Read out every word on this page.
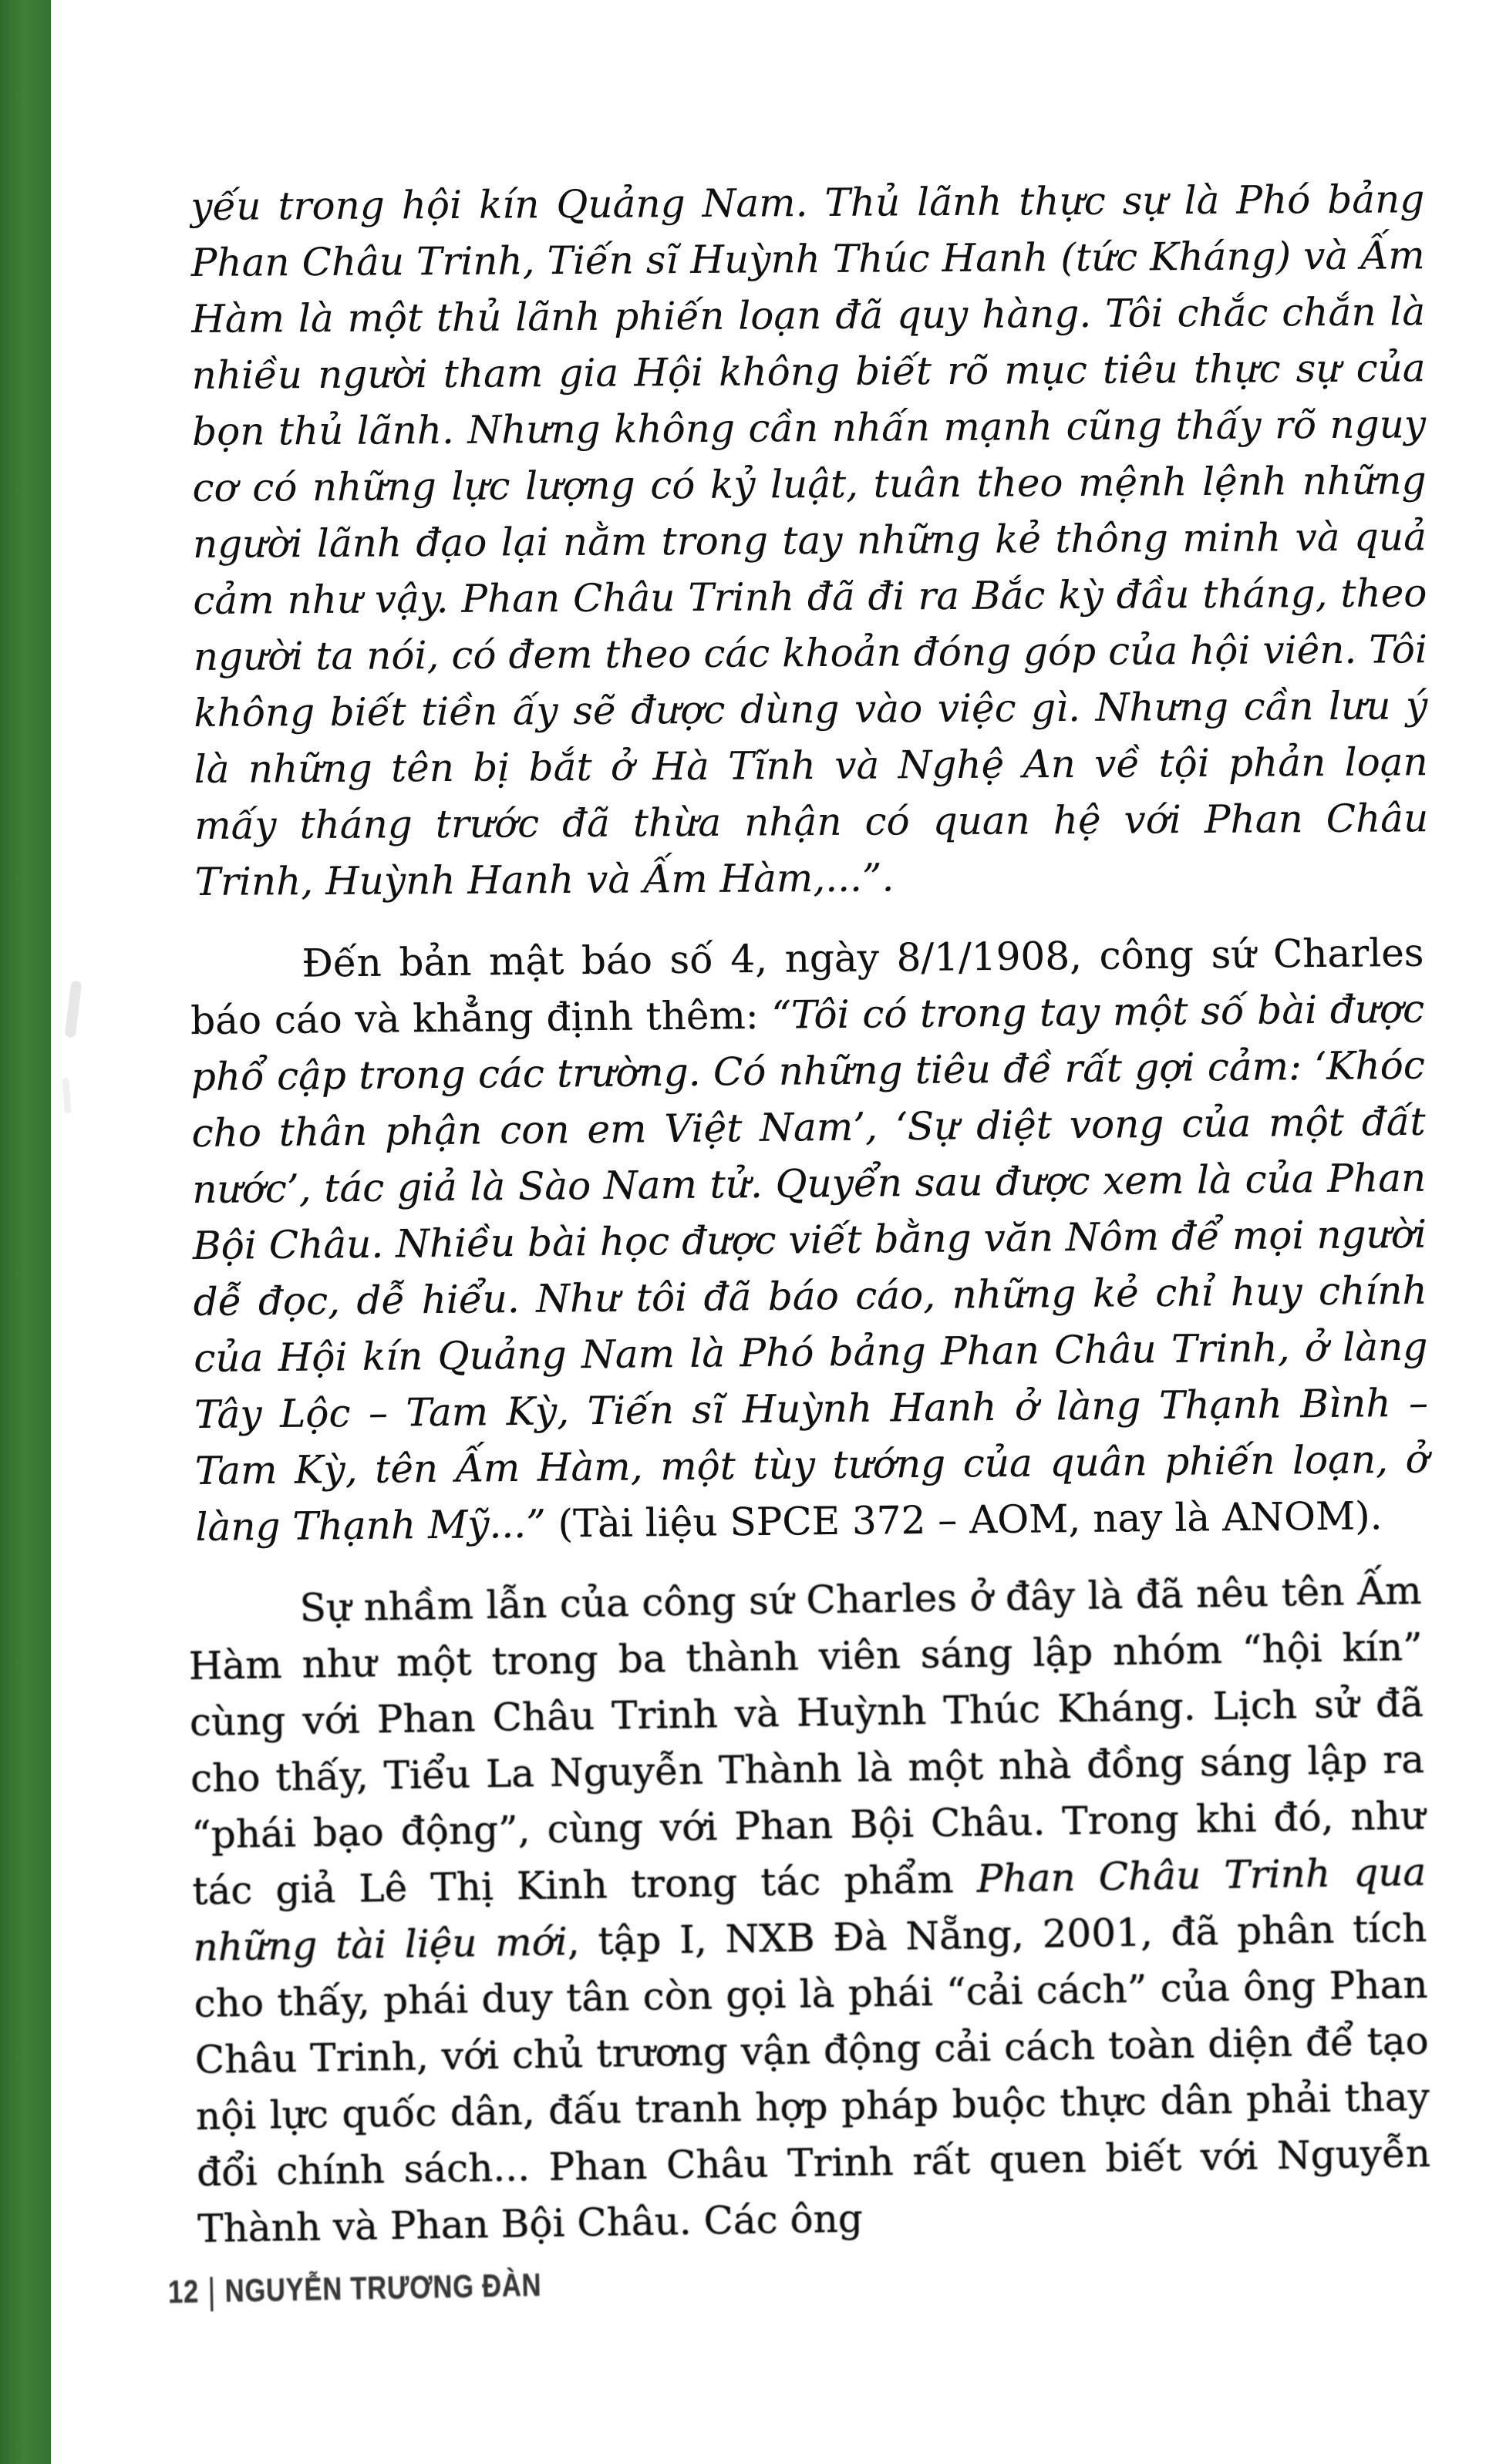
yếu trong hội kín Quảng Nam. Thủ lãnh thực sự là Phó bảng Phan Châu Trinh, Tiến sĩ Huỳnh Thúc Hanh (tức Kháng) và Ấm Hàm là một thủ lãnh phiến loạn đã quy hàng. Tôi chắc chắn là nhiều người tham gia Hội không biết rõ mục tiêu thực sự của bọn thủ lãnh. Nhưng không cần nhấn mạnh cũng thấy rõ nguy cơ có những lực lượng có kỷ luật, tuân theo mệnh lệnh những người lãnh đạo lại nằm trong tay những kẻ thông minh và quả cảm như vậy. Phan Châu Trinh đã đi ra Bắc kỳ đầu tháng, theo người ta nói, có đem theo các khoản đóng góp của hội viên. Tôi không biết tiền ấy sẽ được dùng vào việc gì. Nhưng cần lưu ý là những tên bị bắt ở Hà Tĩnh và Nghệ An về tội phản loạn mấy tháng trước đã thừa nhận có quan hệ với Phan Châu Trinh, Huỳnh Hanh và Ấm Hàm,...”.

Đến bản mật báo số 4, ngày 8/1/1908, công sứ Charles báo cáo và khẳng định thêm: “Tôi có trong tay một số bài được phổ cập trong các trường. Có những tiêu đề rất gợi cảm: ‘Khóc cho thân phận con em Việt Nam’, ‘Sự diệt vong của một đất nước’, tác giả là Sào Nam tử. Quyển sau được xem là của Phan Bội Châu. Nhiều bài học được viết bằng văn Nôm để mọi người dễ đọc, dễ hiểu. Như tôi đã báo cáo, những kẻ chỉ huy chính của Hội kín Quảng Nam là Phó bảng Phan Châu Trinh, ở làng Tây Lộc – Tam Kỳ, Tiến sĩ Huỳnh Hanh ở làng Thạnh Bình – Tam Kỳ, tên Ấm Hàm, một tùy tướng của quân phiến loạn, ở làng Thạnh Mỹ...” (Tài liệu SPCE 372 – AOM, nay là ANOM).

Sự nhầm lẫn của công sứ Charles ở đây là đã nêu tên Ấm Hàm như một trong ba thành viên sáng lập nhóm “hội kín” cùng với Phan Châu Trinh và Huỳnh Thúc Kháng. Lịch sử đã cho thấy, Tiểu La Nguyễn Thành là một nhà đồng sáng lập ra “phái bạo động”, cùng với Phan Bội Châu. Trong khi đó, như tác giả Lê Thị Kinh trong tác phẩm Phan Châu Trinh qua những tài liệu mới, tập I, NXB Đà Nẵng, 2001, đã phân tích cho thấy, phái duy tân còn gọi là phái “cải cách” của ông Phan Châu Trinh, với chủ trương vận động cải cách toàn diện để tạo nội lực quốc dân, đấu tranh hợp pháp buộc thực dân phải thay đổi chính sách... Phan Châu Trinh rất quen biết với Nguyễn Thành và Phan Bội Châu. Các ông

12 | NGUYỄN TRƯƠNG ĐÀN
